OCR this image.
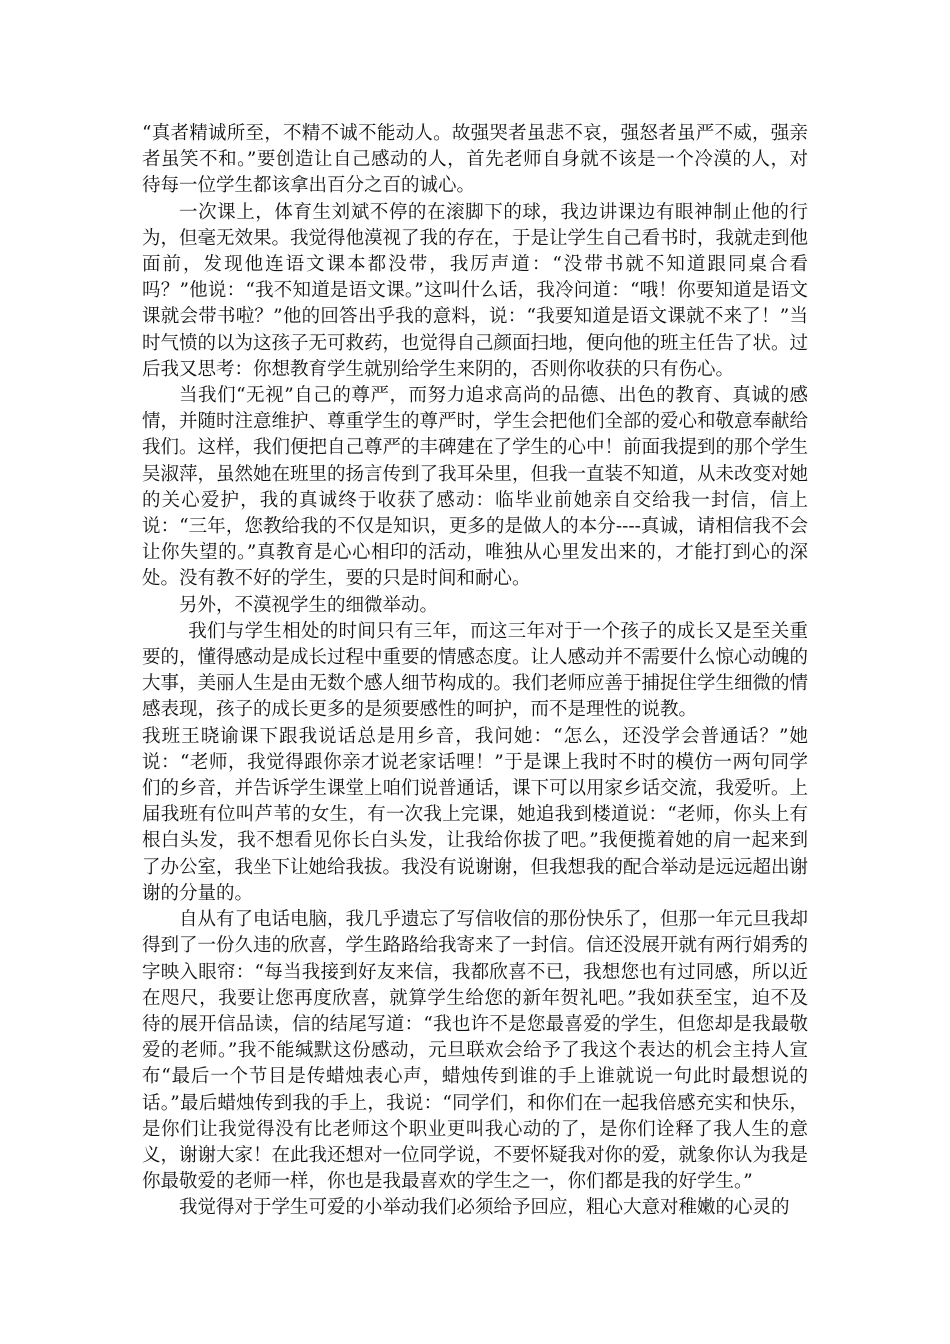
“真者精诚所至，不精不诚不能动人。故强哭者虽悲不哀，强怒者虽严不威，强亲者虽笑不和。”要创造让自己感动的人，首先老师自身就不该是一个冷漠的人，对待每一位学生都该拿出百分之百的诚心。

一次课上，体育生刘斌不停的在滚脚下的球，我边讲课边有眼神制止他的行为，但毫无效果。我觉得他漠视了我的存在，于是让学生自己看书时，我就走到他面前，发现他连语文课本都没带，我厉声道：“没带书就不知道跟同桌合看吗？”他说：“我不知道是语文课。”这叫什么话，我冷问道：“哦！你要知道是语文课就会带书啦？”他的回答出乎我的意料，说：“我要知道是语文课就不来了！”当时气愤的以为这孩子无可救药，也觉得自己颜面扫地，便向他的班主任告了状。过后我又思考：你想教育学生就别给学生来阴的，否则你收获的只有伤心。

当我们“无视”自己的尊严，而努力追求高尚的品德、出色的教育、真诚的感情，并随时注意维护、尊重学生的尊严时，学生会把他们全部的爱心和敬意奉献给我们。这样，我们便把自己尊严的丰碑建在了学生的心中！前面我提到的那个学生吴淑萍，虽然她在班里的扬言传到了我耳朵里，但我一直装不知道，从未改变对她的关心爱护，我的真诚终于收获了感动：临毕业前她亲自交给我一封信，信上说：“三年，您教给我的不仅是知识，更多的是做人的本分----真诚，请相信我不会让你失望的。”真教育是心心相印的活动，唯独从心里发出来的，才能打到心的深处。没有教不好的学生，要的只是时间和耐心。

另外，不漠视学生的细微举动。

我们与学生相处的时间只有三年，而这三年对于一个孩子的成长又是至关重要的，懂得感动是成长过程中重要的情感态度。让人感动并不需要什么惊心动魄的大事，美丽人生是由无数个感人细节构成的。我们老师应善于捕捉住学生细微的情感表现，孩子的成长更多的是须要感性的呵护，而不是理性的说教。

我班王晓谕课下跟我说话总是用乡音，我问她：“怎么，还没学会普通话？”她说：“老师，我觉得跟你亲才说老家话哩！”于是课上我时不时的模仿一两句同学们的乡音，并告诉学生课堂上咱们说普通话，课下可以用家乡话交流，我爱听。上届我班有位叫芦苇的女生，有一次我上完课，她追我到楼道说：“老师，你头上有根白头发，我不想看见你长白头发，让我给你拔了吧。”我便揽着她的肩一起来到了办公室，我坐下让她给我拔。我没有说谢谢，但我想我的配合举动是远远超出谢谢的分量的。

自从有了电话电脑，我几乎遗忘了写信收信的那份快乐了，但那一年元旦我却得到了一份久违的欣喜，学生路路给我寄来了一封信。信还没展开就有两行娟秀的字映入眼帘：“每当我接到好友来信，我都欣喜不已，我想您也有过同感，所以近在咫尺，我要让您再度欣喜，就算学生给您的新年贺礼吧。”我如获至宝，迫不及待的展开信品读，信的结尾写道：“我也许不是您最喜爱的学生，但您却是我最敬爱的老师。”我不能缄默这份感动，元旦联欢会给予了我这个表达的机会主持人宣布“最后一个节目是传蜡烛表心声，蜡烛传到谁的手上谁就说一句此时最想说的话。”最后蜡烛传到我的手上，我说：“同学们，和你们在一起我倍感充实和快乐，是你们让我觉得没有比老师这个职业更叫我心动的了，是你们诠释了我人生的意义，谢谢大家！在此我还想对一位同学说，不要怀疑我对你的爱，就象你认为我是你最敬爱的老师一样，你也是我最喜欢的学生之一，你们都是我的好学生。”

我觉得对于学生可爱的小举动我们必须给予回应，粗心大意对稚嫩的心灵的
